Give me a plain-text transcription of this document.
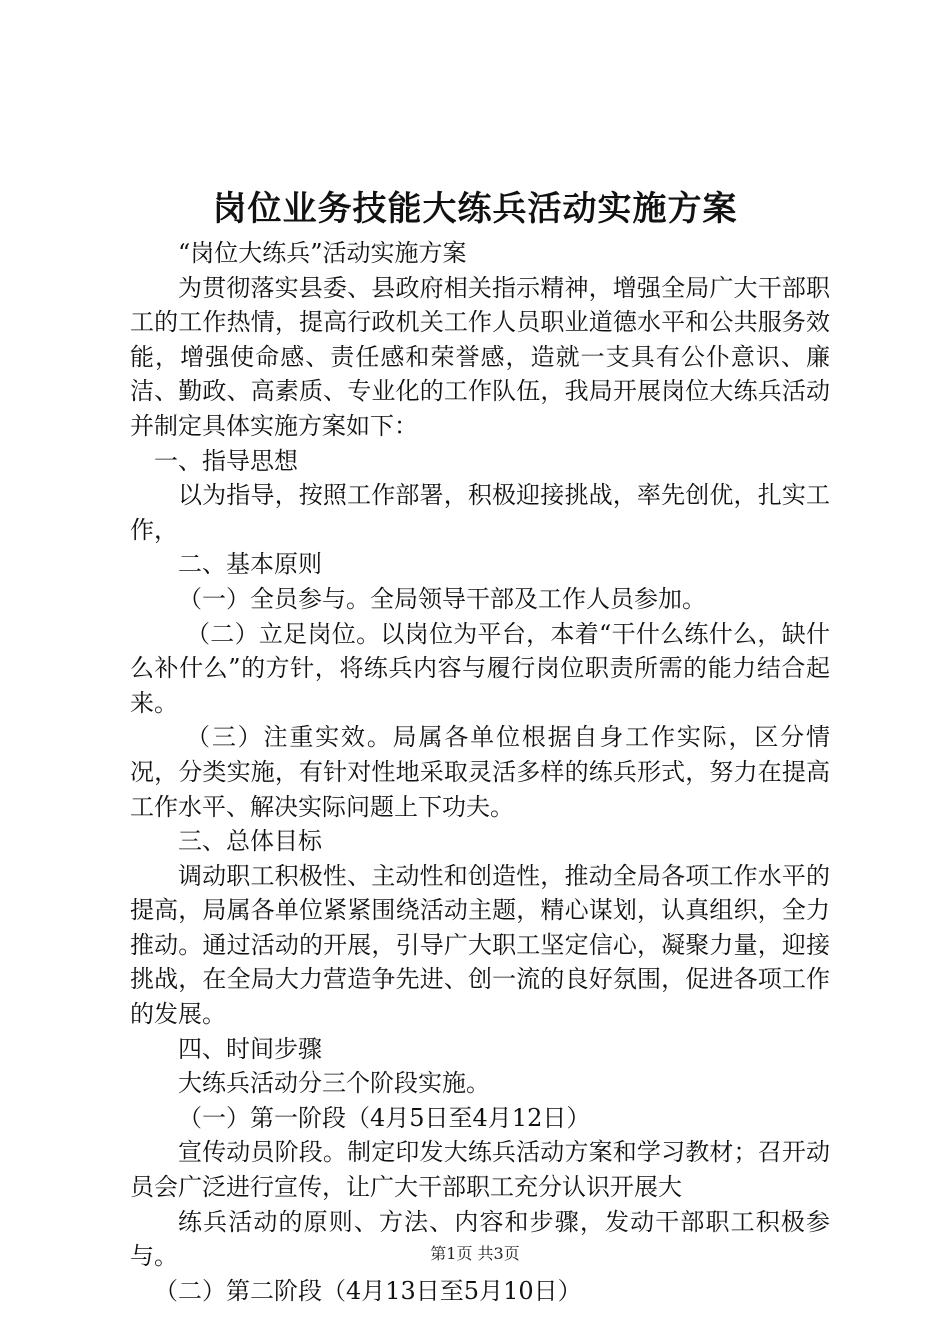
岗位业务技能大练兵活动实施方案

“岗位大练兵”活动实施方案

为贯彻落实县委、县政府相关指示精神，增强全局广大干部职工的工作热情，提高行政机关工作人员职业道德水平和公共服务效能，增强使命感、责任感和荣誉感，造就一支具有公仆意识、廉洁、勤政、高素质、专业化的工作队伍，我局开展岗位大练兵活动并制定具体实施方案如下：

一、指导思想

以为指导，按照工作部署，积极迎接挑战，率先创优，扎实工作，

二、基本原则

（一）全员参与。全局领导干部及工作人员参加。

（二）立足岗位。以岗位为平台，本着“干什么练什么，缺什么补什么”的方针，将练兵内容与履行岗位职责所需的能力结合起来。

（三）注重实效。局属各单位根据自身工作实际，区分情况，分类实施，有针对性地采取灵活多样的练兵形式，努力在提高工作水平、解决实际问题上下功夫。

三、总体目标

调动职工积极性、主动性和创造性，推动全局各项工作水平的提高，局属各单位紧紧围绕活动主题，精心谋划，认真组织，全力推动。通过活动的开展，引导广大职工坚定信心，凝聚力量，迎接挑战，在全局大力营造争先进、创一流的良好氛围，促进各项工作的发展。

四、时间步骤

大练兵活动分三个阶段实施。

（一）第一阶段（4月5日至4月12日）

宣传动员阶段。制定印发大练兵活动方案和学习教材；召开动员会广泛进行宣传，让广大干部职工充分认识开展大

练兵活动的原则、方法、内容和步骤，发动干部职工积极参与。

（二）第二阶段（4月13日至5月10日）

第1页 共3页
